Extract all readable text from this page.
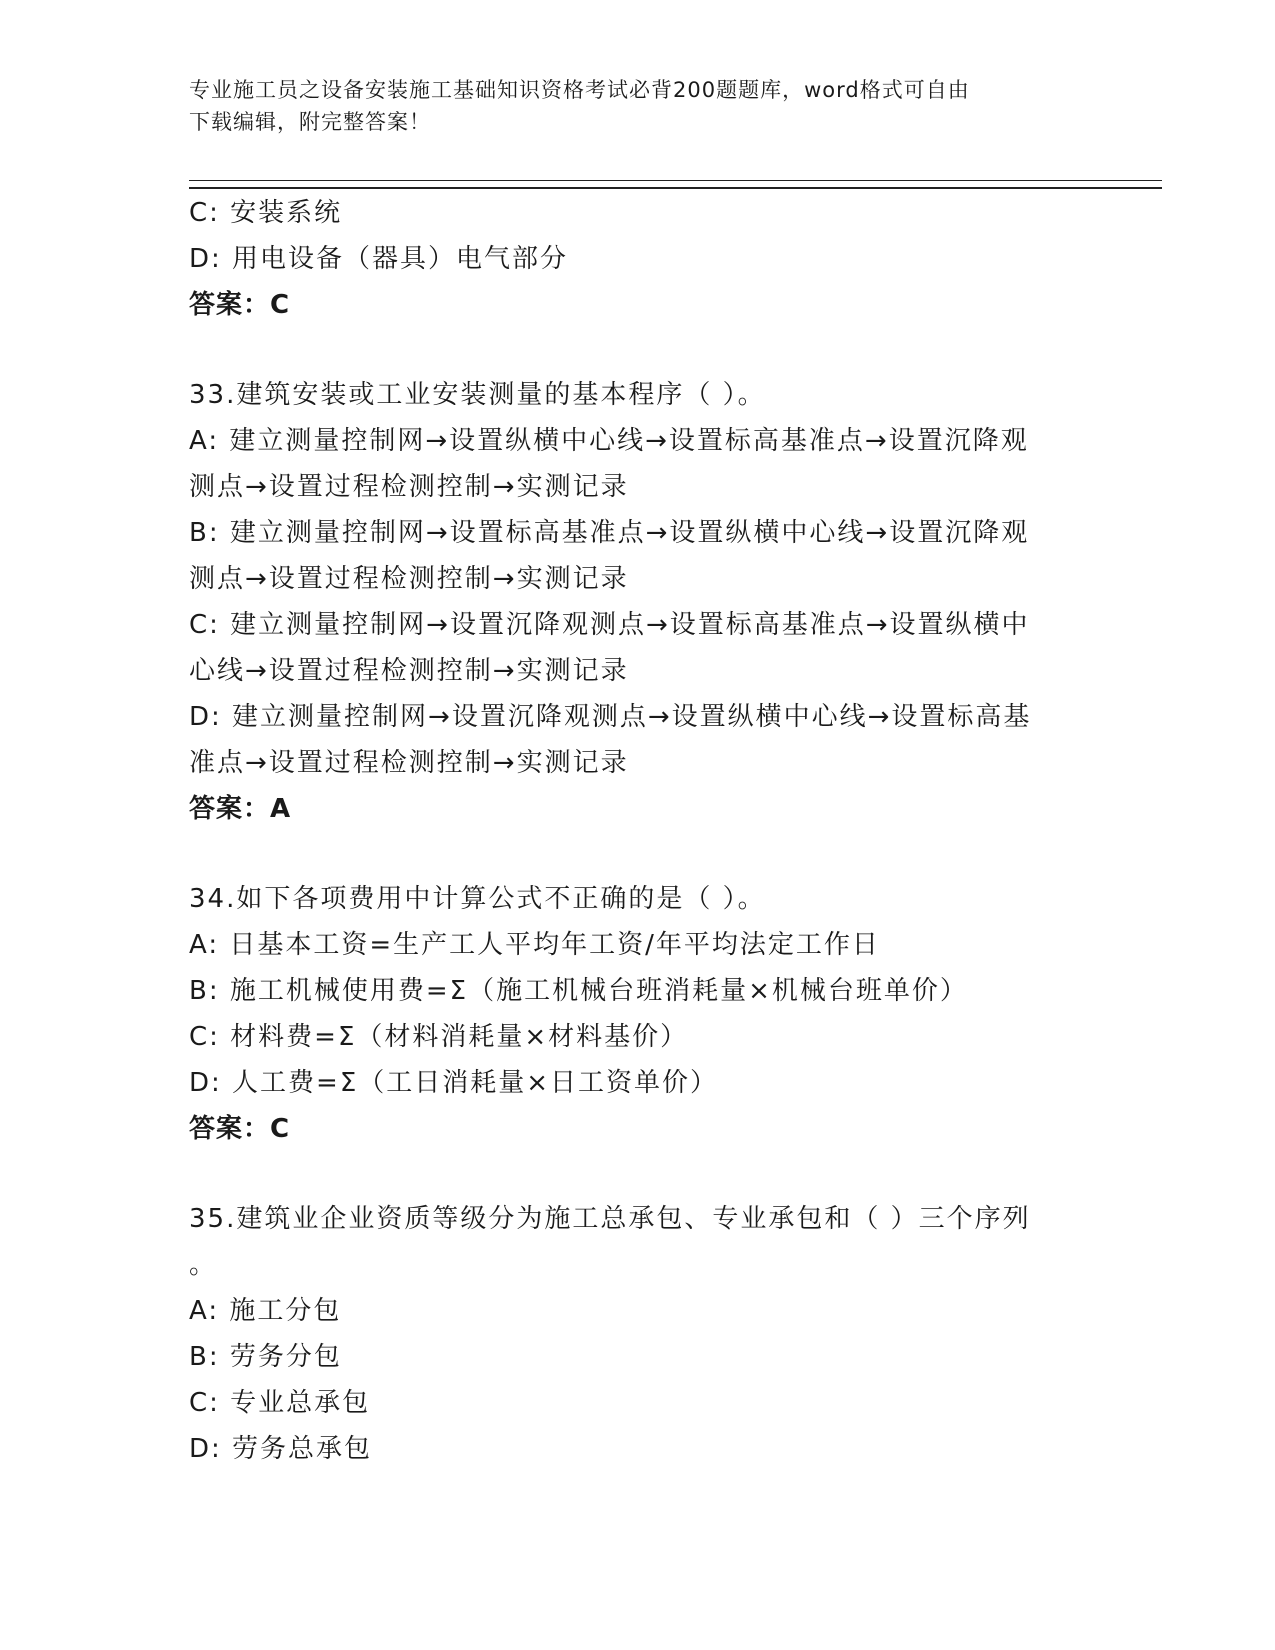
专业施工员之设备安装施工基础知识资格考试必背200题题库，word格式可自由
下载编辑，附完整答案！
C: 安装系统
D: 用电设备（器具）电气部分
答案：C
33.建筑安装或工业安装测量的基本程序（ ）。
A: 建立测量控制网→设置纵横中心线→设置标高基准点→设置沉降观
测点→设置过程检测控制→实测记录
B: 建立测量控制网→设置标高基准点→设置纵横中心线→设置沉降观
测点→设置过程检测控制→实测记录
C: 建立测量控制网→设置沉降观测点→设置标高基准点→设置纵横中
心线→设置过程检测控制→实测记录
D: 建立测量控制网→设置沉降观测点→设置纵横中心线→设置标高基
准点→设置过程检测控制→实测记录
答案：A
34.如下各项费用中计算公式不正确的是（ ）。
A: 日基本工资=生产工人平均年工资/年平均法定工作日
B: 施工机械使用费=Σ（施工机械台班消耗量×机械台班单价）
C: 材料费=Σ（材料消耗量×材料基价）
D: 人工费=Σ（工日消耗量×日工资单价）
答案：C
35.建筑业企业资质等级分为施工总承包、专业承包和（ ）三个序列
。
A: 施工分包
B: 劳务分包
C: 专业总承包
D: 劳务总承包
